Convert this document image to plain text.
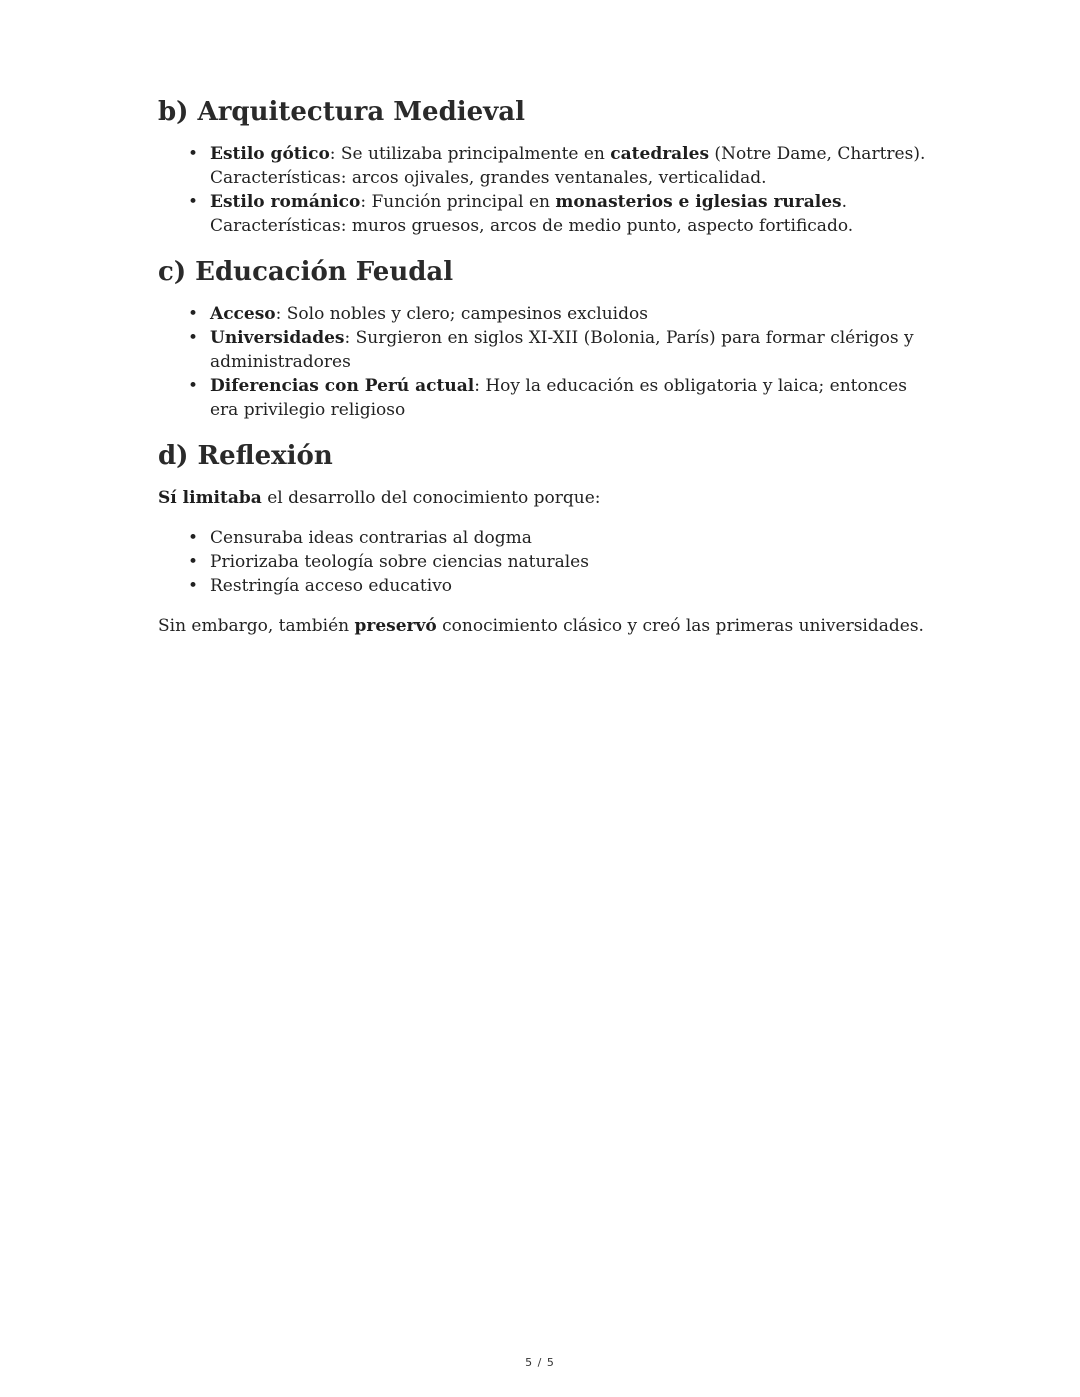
b) Arquitectura Medieval
• Estilo gótico: Se utilizaba principalmente en catedrales (Notre Dame, Chartres). Características: arcos ojivales, grandes ventanales, verticalidad.
• Estilo románico: Función principal en monasterios e iglesias rurales. Características: muros gruesos, arcos de medio punto, aspecto fortificado.
c) Educación Feudal
• Acceso: Solo nobles y clero; campesinos excluidos
• Universidades: Surgieron en siglos XI-XII (Bolonia, París) para formar clérigos y administradores
• Diferencias con Perú actual: Hoy la educación es obligatoria y laica; entonces era privilegio religioso
d) Reflexión

Sí limitaba el desarrollo del conocimiento porque:

• Censuraba ideas contrarias al dogma
• Priorizaba teología sobre ciencias naturales
• Restringía acceso educativo

Sin embargo, también preservó conocimiento clásico y creó las primeras universidades.

5 / 5
